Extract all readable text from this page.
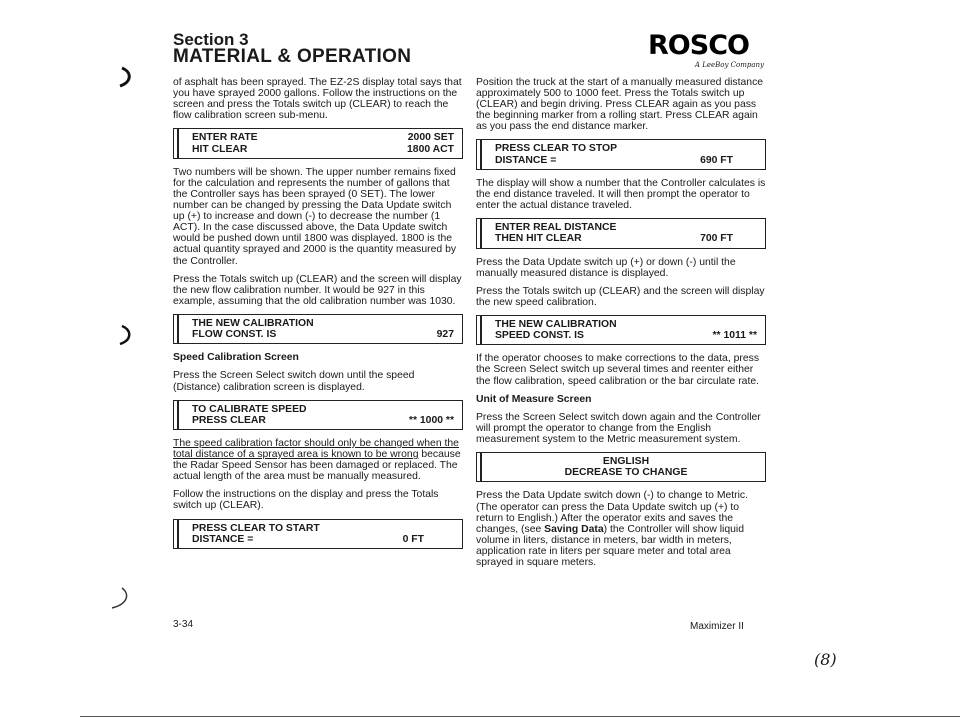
Section 3
MATERIAL & OPERATION	ROSCO
A LeeBoy Company

of asphalt has been sprayed. The EZ-2S display total says that you have sprayed 2000 gallons. Follow the instructions on the screen and press the Totals switch up (CLEAR) to reach the flow calibration screen sub-menu.

ENTER RATE	2000 SET
HIT CLEAR	1800 ACT

Two numbers will be shown. The upper number remains fixed for the calculation and represents the number of gallons that the Controller says has been sprayed (0 SET). The lower number can be changed by pressing the Data Update switch up (+) to increase and down (-) to decrease the number (1 ACT). In the case discussed above, the Data Update switch would be pushed down until 1800 was displayed. 1800 is the actual quantity sprayed and 2000 is the quantity measured by the Controller.

Press the Totals switch up (CLEAR) and the screen will display the new flow calibration number. It would be 927 in this example, assuming that the old calibration number was 1030.

THE NEW CALIBRATION
FLOW CONST. IS	927
Speed Calibration Screen

Press the Screen Select switch down until the speed (Distance) calibration screen is displayed.

TO CALIBRATE SPEED
PRESS CLEAR	** 1000 **

The speed calibration factor should only be changed when the total distance of a sprayed area is known to be wrong because the Radar Speed Sensor has been damaged or replaced. The actual length of the area must be manually measured.

Follow the instructions on the display and press the Totals switch up (CLEAR).

PRESS CLEAR TO START
DISTANCE =	0 FT

Position the truck at the start of a manually measured distance approximately 500 to 1000 feet. Press the Totals switch up (CLEAR) and begin driving. Press CLEAR again as you pass the beginning marker from a rolling start. Press CLEAR again as you pass the end distance marker.

PRESS CLEAR TO STOP
DISTANCE =	690 FT

The display will show a number that the Controller calculates is the end distance traveled. It will then prompt the operator to enter the actual distance traveled.

ENTER REAL DISTANCE
THEN HIT CLEAR	700 FT

Press the Data Update switch up (+) or down (-) until the manually measured distance is displayed.

Press the Totals switch up (CLEAR) and the screen will display the new speed calibration.

THE NEW CALIBRATION
SPEED CONST. IS	** 1011 **

If the operator chooses to make corrections to the data, press the Screen Select switch up several times and reenter either the flow calibration, speed calibration or the bar circulate rate.

Unit of Measure Screen

Press the Screen Select switch down again and the Controller will prompt the operator to change from the English measurement system to the Metric measurement system.

ENGLISH
DECREASE TO CHANGE

Press the Data Update switch down (-) to change to Metric. (The operator can press the Data Update switch up (+) to return to English.) After the operator exits and saves the changes, (see Saving Data) the Controller will show liquid volume in liters, distance in meters, bar width in meters, application rate in liters per square meter and total area sprayed in square meters.

3-34	Maximizer II
(8)
